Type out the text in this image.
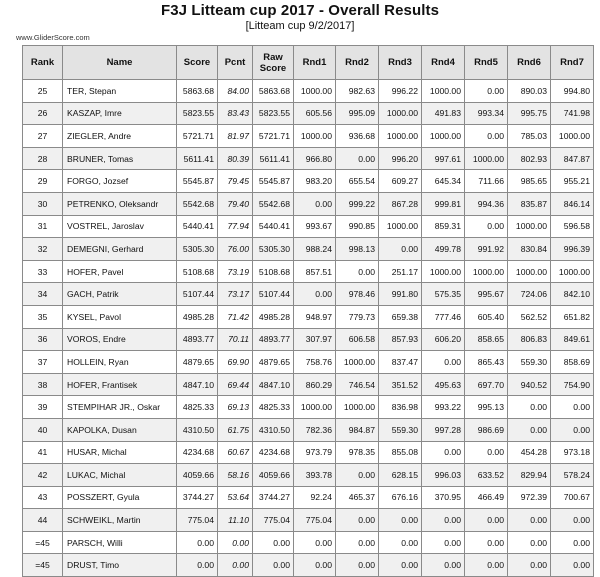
F3J Litteam cup 2017 - Overall Results
[Litteam cup 9/2/2017]
www.GliderScore.com
Rank	Name	Score	Pcnt	Raw Score	Rnd1	Rnd2	Rnd3	Rnd4	Rnd5	Rnd6	Rnd7
25	TER, Stepan	5863.68	84.00	5863.68	1000.00	982.63	996.22	1000.00	0.00	890.03	994.80
26	KASZAP, Imre	5823.55	83.43	5823.55	605.56	995.09	1000.00	491.83	993.34	995.75	741.98
27	ZIEGLER, Andre	5721.71	81.97	5721.71	1000.00	936.68	1000.00	1000.00	0.00	785.03	1000.00
28	BRUNER, Tomas	5611.41	80.39	5611.41	966.80	0.00	996.20	997.61	1000.00	802.93	847.87
29	FORGO, Jozsef	5545.87	79.45	5545.87	983.20	655.54	609.27	645.34	711.66	985.65	955.21
30	PETRENKO, Oleksandr	5542.68	79.40	5542.68	0.00	999.22	867.28	999.81	994.36	835.87	846.14
31	VOSTREL, Jaroslav	5440.41	77.94	5440.41	993.67	990.85	1000.00	859.31	0.00	1000.00	596.58
32	DEMEGNI, Gerhard	5305.30	76.00	5305.30	988.24	998.13	0.00	499.78	991.92	830.84	996.39
33	HOFER, Pavel	5108.68	73.19	5108.68	857.51	0.00	251.17	1000.00	1000.00	1000.00	1000.00
34	GACH, Patrik	5107.44	73.17	5107.44	0.00	978.46	991.80	575.35	995.67	724.06	842.10
35	KYSEL, Pavol	4985.28	71.42	4985.28	948.97	779.73	659.38	777.46	605.40	562.52	651.82
36	VOROS, Endre	4893.77	70.11	4893.77	307.97	606.58	857.93	606.20	858.65	806.83	849.61
37	HOLLEIN, Ryan	4879.65	69.90	4879.65	758.76	1000.00	837.47	0.00	865.43	559.30	858.69
38	HOFER, Frantisek	4847.10	69.44	4847.10	860.29	746.54	351.52	495.63	697.70	940.52	754.90
39	STEMPIHAR JR., Oskar	4825.33	69.13	4825.33	1000.00	1000.00	836.98	993.22	995.13	0.00	0.00
40	KAPOLKA, Dusan	4310.50	61.75	4310.50	782.36	984.87	559.30	997.28	986.69	0.00	0.00
41	HUSAR, Michal	4234.68	60.67	4234.68	973.79	978.35	855.08	0.00	0.00	454.28	973.18
42	LUKAC, Michal	4059.66	58.16	4059.66	393.78	0.00	628.15	996.03	633.52	829.94	578.24
43	POSSZERT, Gyula	3744.27	53.64	3744.27	92.24	465.37	676.16	370.95	466.49	972.39	700.67
44	SCHWEIKL, Martin	775.04	11.10	775.04	775.04	0.00	0.00	0.00	0.00	0.00	0.00
=45	PARSCH, Willi	0.00	0.00	0.00	0.00	0.00	0.00	0.00	0.00	0.00	0.00
=45	DRUST, Timo	0.00	0.00	0.00	0.00	0.00	0.00	0.00	0.00	0.00	0.00
